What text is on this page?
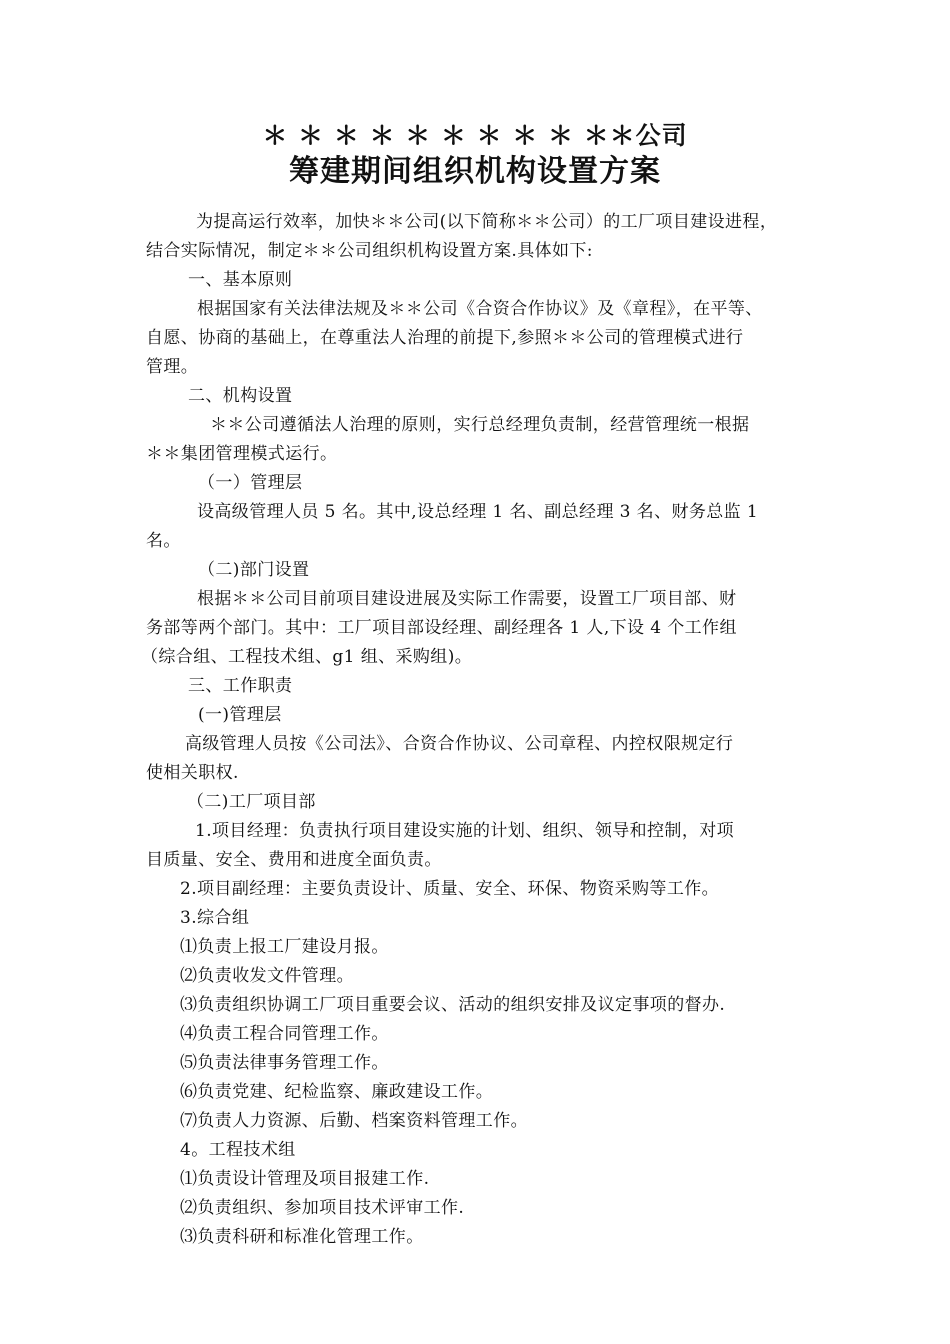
＊ ＊ ＊ ＊ ＊ ＊ ＊ ＊ ＊ ＊＊公司
筹建期间组织机构设置方案
为提高运行效率，加快＊＊公司(以下简称＊＊公司）的工厂项目建设进程，
结合实际情况，制定＊＊公司组织机构设置方案.具体如下:
一、基本原则
根据国家有关法律法规及＊＊公司《合资合作协议》及《章程》，在平等、
自愿、协商的基础上，在尊重法人治理的前提下,参照＊＊公司的管理模式进行
管理。
二、机构设置
＊＊公司遵循法人治理的原则，实行总经理负责制，经营管理统一根据
＊＊集团管理模式运行。
（一）管理层
设高级管理人员 5 名。其中,设总经理 1 名、副总经理 3 名、财务总监 1
名。
（二)部门设置
根据＊＊公司目前项目建设进展及实际工作需要，设置工厂项目部、财
务部等两个部门。其中：工厂项目部设经理、副经理各 1 人,下设 4 个工作组
（综合组、工程技术组、g1 组、采购组)。
三、工作职责
(一)管理层
高级管理人员按《公司法》、合资合作协议、公司章程、内控权限规定行
使相关职权.
（二)工厂项目部
1.项目经理：负责执行项目建设实施的计划、组织、领导和控制，对项
目质量、安全、费用和进度全面负责。
2.项目副经理：主要负责设计、质量、安全、环保、物资采购等工作。
3.综合组
⑴负责上报工厂建设月报。
⑵负责收发文件管理。
⑶负责组织协调工厂项目重要会议、活动的组织安排及议定事项的督办.
⑷负责工程合同管理工作。
⑸负责法律事务管理工作。
⑹负责党建、纪检监察、廉政建设工作。
⑺负责人力资源、后勤、档案资料管理工作。
4。工程技术组
⑴负责设计管理及项目报建工作.
⑵负责组织、参加项目技术评审工作.
⑶负责科研和标准化管理工作。
